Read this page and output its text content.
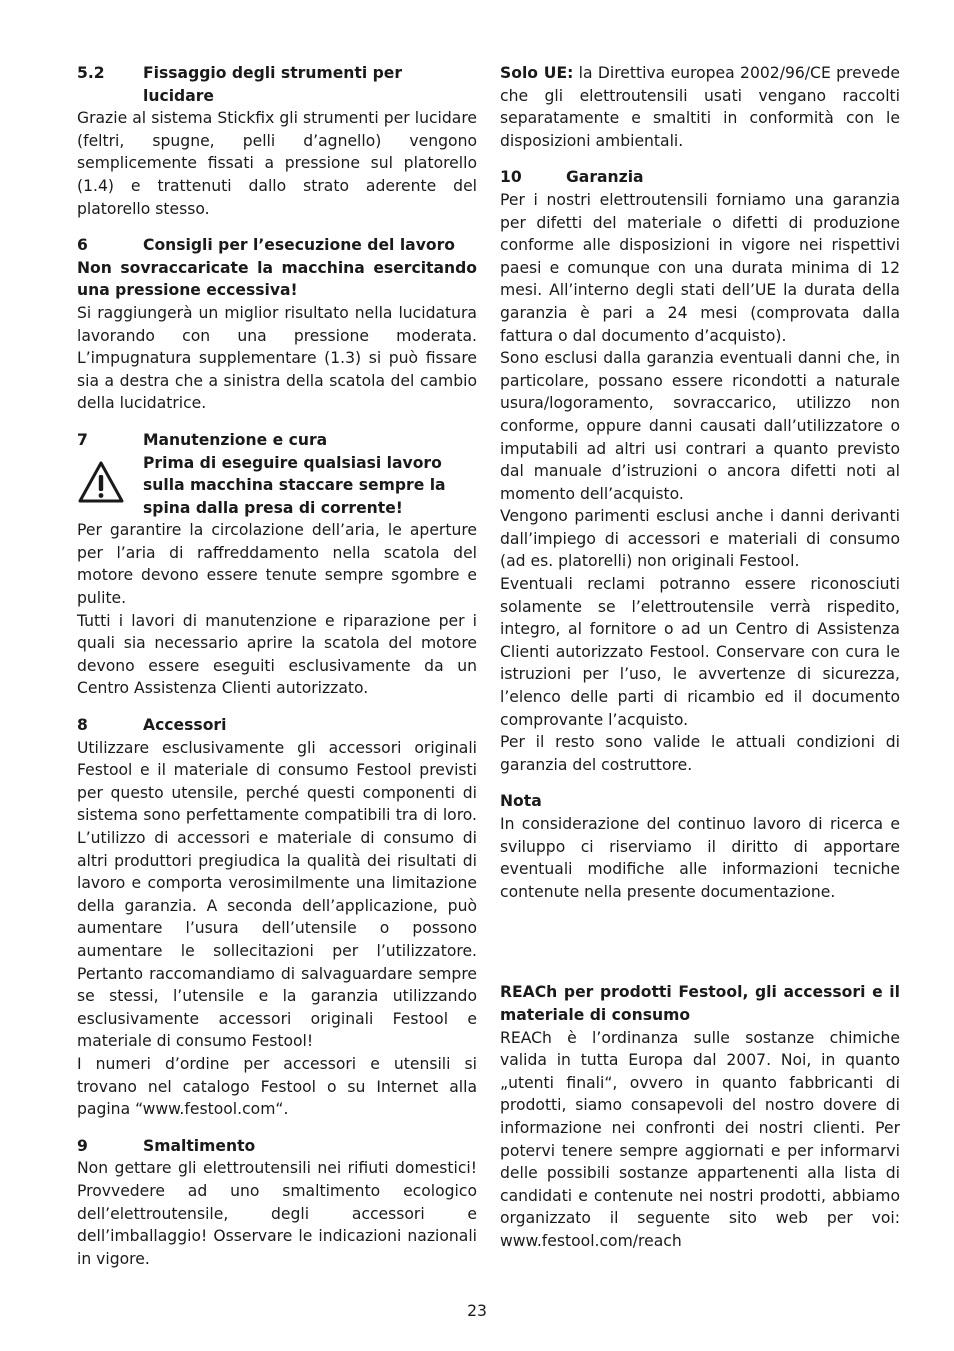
5.2	Fissaggio degli strumenti per lucidare

Grazie al sistema Stickfix gli strumenti per lucidare (feltri, spugne, pelli d’agnello) vengono semplicemente fissati a pressione sul platorello (1.4) e trattenuti dallo strato aderente del platorello stesso.

6	Consigli per l’esecuzione del lavoro

Non sovraccaricate la macchina esercitando una pressione eccessiva!

Si raggiungerà un miglior risultato nella lucidatura lavorando con una pressione moderata. L’impugnatura supplementare (1.3) si può fissare sia a destra che a sinistra della scatola del cambio della lucidatrice.

7	Manutenzione e cura

Prima di eseguire qualsiasi lavoro sulla macchina staccare sempre la spina dalla presa di corrente!

Per garantire la circolazione dell’aria, le aperture per l’aria di raffreddamento nella scatola del motore devono essere tenute sempre sgombre e pulite.

Tutti i lavori di manutenzione e riparazione per i quali sia necessario aprire la scatola del motore devono essere eseguiti esclusivamente da un Centro Assistenza Clienti autorizzato.

8	Accessori

Utilizzare esclusivamente gli accessori originali Festool e il materiale di consumo Festool previsti per questo utensile, perché questi componenti di sistema sono perfettamente compatibili tra di loro. L’utilizzo di accessori e materiale di consumo di altri produttori pregiudica la qualità dei risultati di lavoro e comporta verosimilmente una limitazione della garanzia. A seconda dell’applicazione, può aumentare l’usura dell’utensile o possono aumentare le sollecitazioni per l’utilizzatore. Pertanto raccomandiamo di salvaguardare sempre se stessi, l’utensile e la garanzia utilizzando esclusivamente accessori originali Festool e materiale di consumo Festool!

I numeri d’ordine per accessori e utensili si trovano nel catalogo Festool o su Internet alla pagina “www.festool.com“.

9	Smaltimento

Non gettare gli elettroutensili nei rifiuti domestici! Provvedere ad uno smaltimento ecologico dell’elettroutensile, degli accessori e dell’imballaggio! Osservare le indicazioni nazionali in vigore.

Solo UE: la Direttiva europea 2002/96/CE prevede che gli elettroutensili usati vengano raccolti separatamente e smaltiti in conformità con le disposizioni ambientali.

10	Garanzia

Per i nostri elettroutensili forniamo una garanzia per difetti del materiale o difetti di produzione conforme alle disposizioni in vigore nei rispettivi paesi e comunque con una durata minima di 12 mesi. All’interno degli stati dell’UE la durata della garanzia è pari a 24 mesi (comprovata dalla fattura o dal documento d’acquisto).

Sono esclusi dalla garanzia eventuali danni che, in particolare, possano essere ricondotti a naturale usura/logoramento, sovraccarico, utilizzo non conforme, oppure danni causati dall’utilizzatore o imputabili ad altri usi contrari a quanto previsto dal manuale d’istruzioni o ancora difetti noti al momento dell’acquisto.

Vengono parimenti esclusi anche i danni derivanti dall’impiego di accessori e materiali di consumo (ad es. platorelli) non originali Festool.

Eventuali reclami potranno essere riconosciuti solamente se l’elettroutensile verrà rispedito, integro, al fornitore o ad un Centro di Assistenza Clienti autorizzato Festool. Conservare con cura le istruzioni per l’uso, le avvertenze di sicurezza, l’elenco delle parti di ricambio ed il documento comprovante l’acquisto.

Per il resto sono valide le attuali condizioni di garanzia del costruttore.

Nota

In considerazione del continuo lavoro di ricerca e sviluppo ci riserviamo il diritto di apportare eventuali modifiche alle informazioni tecniche contenute nella presente documentazione.

REACh per prodotti Festool, gli accessori e il materiale di consumo

REACh è l’ordinanza sulle sostanze chimiche valida in tutta Europa dal 2007. Noi, in quanto „utenti finali“, ovvero in quanto fabbricanti di prodotti, siamo consapevoli del nostro dovere di informazione nei confronti dei nostri clienti. Per potervi tenere sempre aggiornati e per informarvi delle possibili sostanze appartenenti alla lista di candidati e contenute nei nostri prodotti, abbiamo organizzato il seguente sito web per voi: www.festool.com/reach

23
